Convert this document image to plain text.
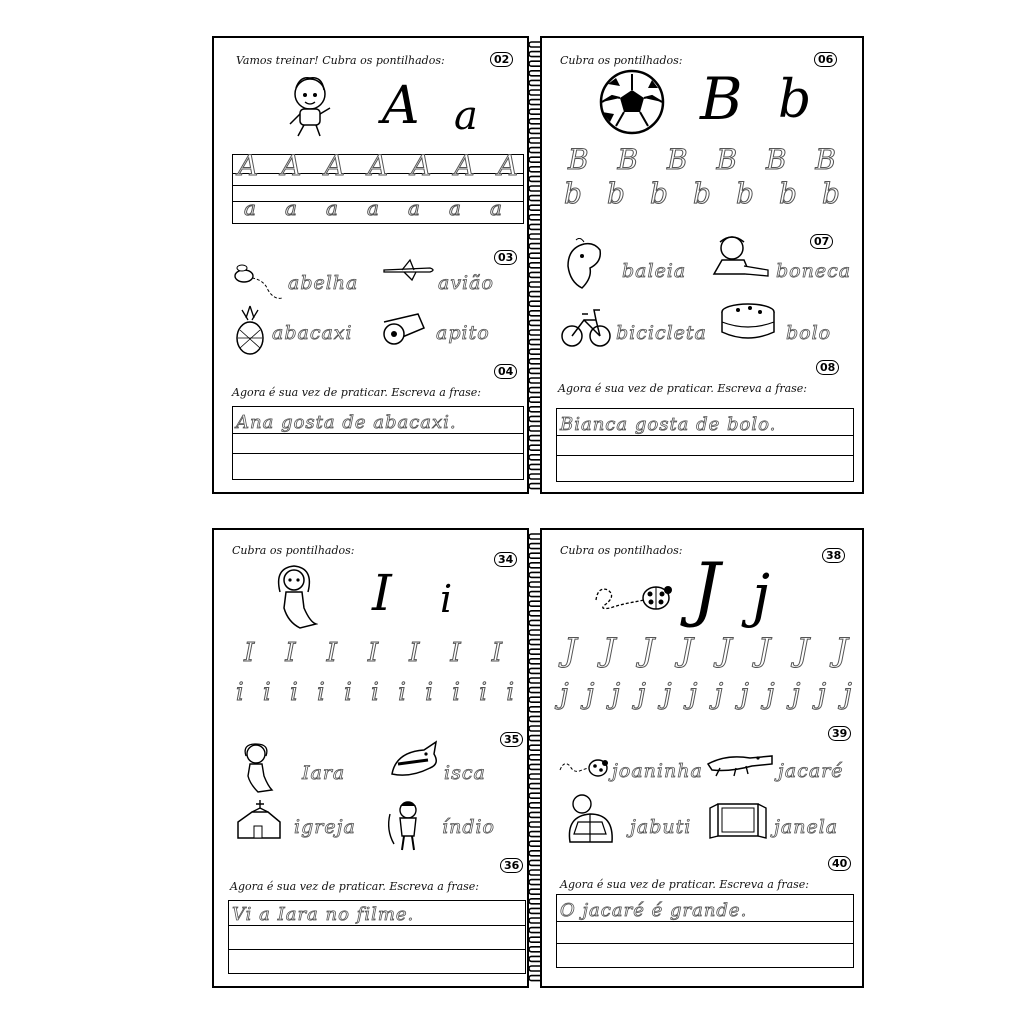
Vamos treinar! Cubra os pontilhados:	02
A a
A A A A A A A
a a a a a a a
03
abelha	avião
abacaxi	apito
04
Agora é sua vez de praticar. Escreva a frase:
Ana gosta de abacaxi.
Cubra os pontilhados:	06
B b
B B B B B B
b b b b b b b
07
baleia	boneca
bicicleta	bolo
08
Agora é sua vez de praticar. Escreva a frase:
Bianca gosta de bolo.
Cubra os pontilhados:
34
I i
I I I I I I I
i i i i i i i i i i i
35
Iara	isca
igreja	índio
36
Agora é sua vez de praticar. Escreva a frase:
Vi a Iara no filme.
Cubra os pontilhados:	38
J j
J J J J J J J J
j j j j j j j j j j j j
39
joaninha	jacaré
jabuti	janela
40
Agora é sua vez de praticar. Escreva a frase:
O jacaré é grande.
